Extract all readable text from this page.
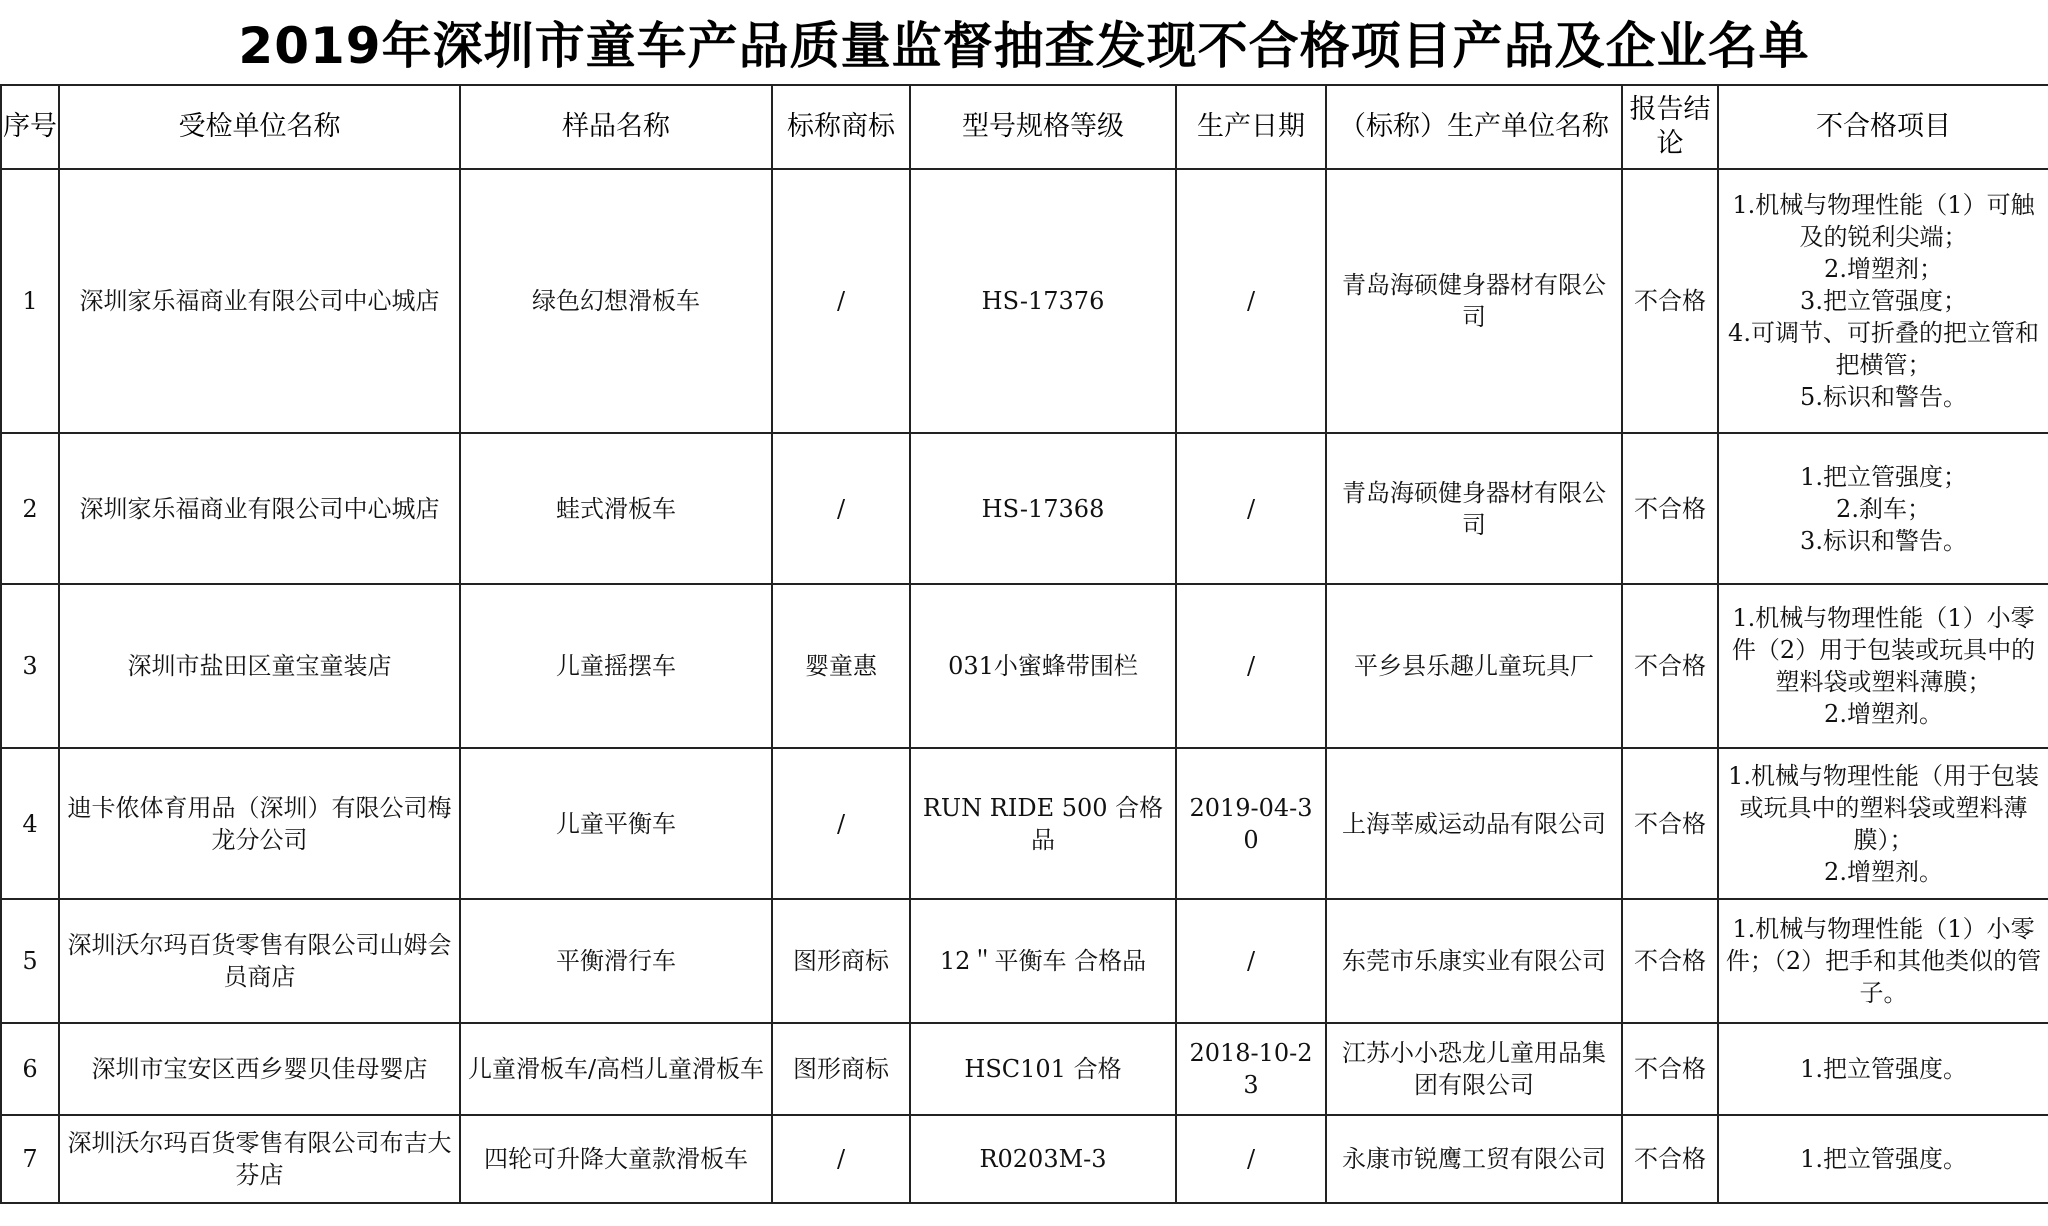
2019年深圳市童车产品质量监督抽查发现不合格项目产品及企业名单
序号	受检单位名称	样品名称	标称商标	型号规格等级	生产日期	（标称）生产单位名称	报告结论	不合格项目
1	深圳家乐福商业有限公司中心城店	绿色幻想滑板车	/	HS-17376	/	青岛海硕健身器材有限公司	不合格	1.机械与物理性能（1）可触及的锐利尖端；
2.增塑剂；
3.把立管强度；
4.可调节、可折叠的把立管和把横管；
5.标识和警告。

2	深圳家乐福商业有限公司中心城店	蛙式滑板车	/	HS-17368	/	青岛海硕健身器材有限公司	不合格	1.把立管强度；
2.刹车；
3.标识和警告。

3	深圳市盐田区童宝童装店	儿童摇摆车	婴童惠	031小蜜蜂带围栏	/	平乡县乐趣儿童玩具厂	不合格	1.机械与物理性能（1）小零件（2）用于包装或玩具中的塑料袋或塑料薄膜；
2.增塑剂。

4	迪卡侬体育用品（深圳）有限公司梅龙分公司	儿童平衡车	/	RUN RIDE 500 合格品	2019-04-30	上海莘威运动品有限公司	不合格	1.机械与物理性能（用于包装或玩具中的塑料袋或塑料薄膜）；
2.增塑剂。

5	深圳沃尔玛百货零售有限公司山姆会员商店	平衡滑行车	图形商标	12＂平衡车 合格品	/	东莞市乐康实业有限公司	不合格	1.机械与物理性能（1）小零件；（2）把手和其他类似的管子。

6	深圳市宝安区西乡婴贝佳母婴店	儿童滑板车/高档儿童滑板车	图形商标	HSC101 合格	2018-10-23	江苏小小恐龙儿童用品集团有限公司	不合格	1.把立管强度。

7	深圳沃尔玛百货零售有限公司布吉大芬店	四轮可升降大童款滑板车	/	R0203M-3	/	永康市锐鹰工贸有限公司	不合格	1.把立管强度。
